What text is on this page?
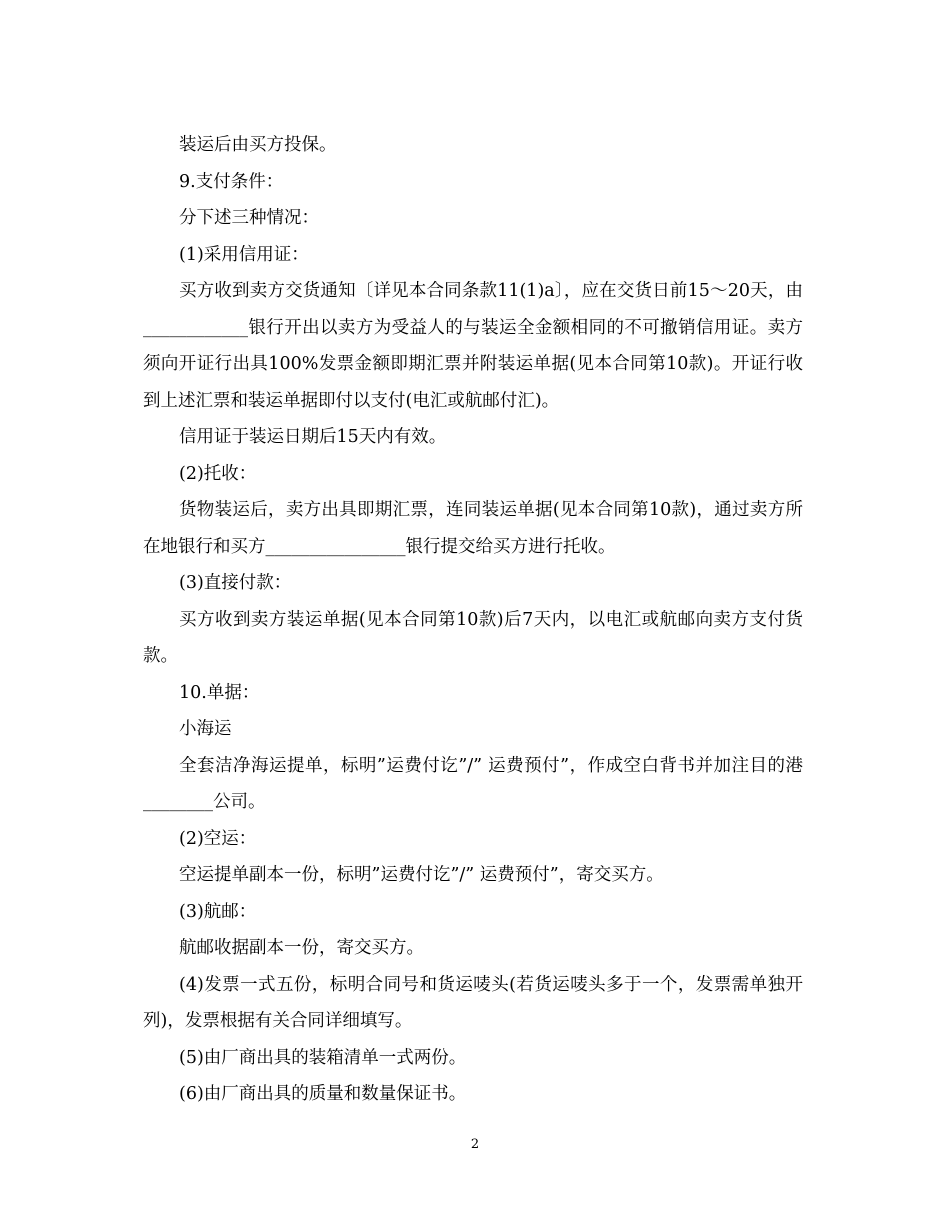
装运后由买方投保。

9.支付条件：

分下述三种情况：

(1)采用信用证：

买方收到卖方交货通知〔详见本合同条款11(1)a〕，应在交货日前15～20天，由____________银行开出以卖方为受益人的与装运全金额相同的不可撤销信用证。卖方须向开证行出具100%发票金额即期汇票并附装运单据(见本合同第10款)。开证行收到上述汇票和装运单据即付以支付(电汇或航邮付汇)。

信用证于装运日期后15天内有效。

(2)托收：

货物装运后，卖方出具即期汇票，连同装运单据(见本合同第10款)，通过卖方所在地银行和买方________________银行提交给买方进行托收。

(3)直接付款：

买方收到卖方装运单据(见本合同第10款)后7天内，以电汇或航邮向卖方支付货款。

10.单据：

小海运

全套洁净海运提单，标明”运费付讫”/” 运费预付”，作成空白背书并加注目的港________公司。

(2)空运：

空运提单副本一份，标明”运费付讫”/” 运费预付”，寄交买方。

(3)航邮：

航邮收据副本一份，寄交买方。

(4)发票一式五份，标明合同号和货运唛头(若货运唛头多于一个，发票需单独开列)，发票根据有关合同详细填写。

(5)由厂商出具的装箱清单一式两份。

(6)由厂商出具的质量和数量保证书。

2
